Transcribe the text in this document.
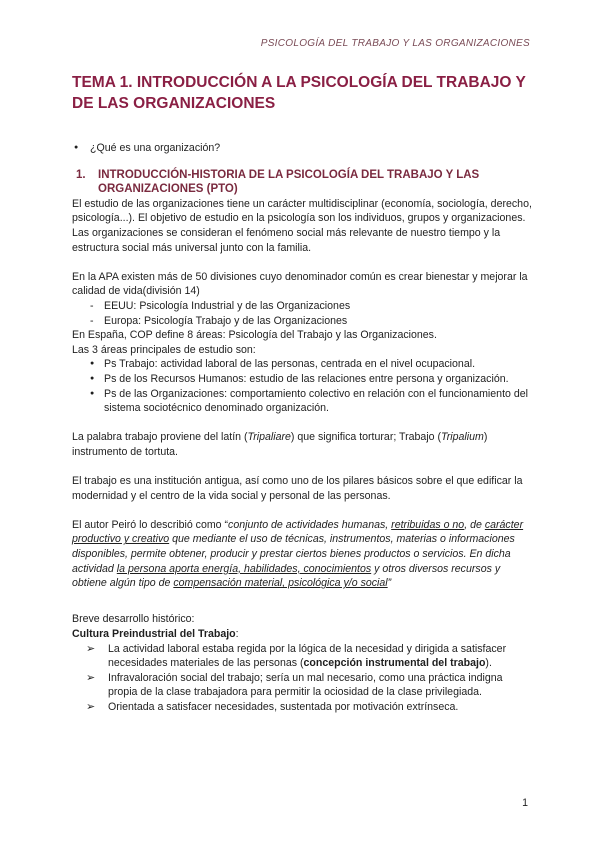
PSICOLOGÍA DEL TRABAJO Y LAS ORGANIZACIONES
TEMA 1. INTRODUCCIÓN A LA PSICOLOGÍA DEL TRABAJO Y DE LAS ORGANIZACIONES
● ¿Qué es una organización?
1. INTRODUCCIÓN-HISTORIA DE LA PSICOLOGÍA DEL TRABAJO Y LAS ORGANIZACIONES (PTO)

El estudio de las organizaciones tiene un carácter multidisciplinar (economía, sociología, derecho, psicología...). El objetivo de estudio en la psicología son los individuos, grupos y organizaciones.

Las organizaciones se consideran el fenómeno social más relevante de nuestro tiempo y la estructura social más universal junto con la familia.

En la APA existen más de 50 divisiones cuyo denominador común es crear bienestar y mejorar la calidad de vida(división 14)

- EEUU: Psicología Industrial y de las Organizaciones
- Europa: Psicología Trabajo y de las Organizaciones

En España, COP define 8 áreas: Psicología del Trabajo y las Organizaciones.

Las 3 áreas principales de estudio son:

● Ps Trabajo: actividad laboral de las personas, centrada en el nivel ocupacional.
● Ps de los Recursos Humanos: estudio de las relaciones entre persona y organización.
● Ps de las Organizaciones: comportamiento colectivo en relación con el funcionamiento del sistema sociotécnico denominado organización.

La palabra trabajo proviene del latín (Tripaliare) que significa torturar; Trabajo (Tripalium) instrumento de tortuta.

El trabajo es una institución antigua, así como uno de los pilares básicos sobre el que edificar la modernidad y el centro de la vida social y personal de las personas.

El autor Peiró lo describió como “conjunto de actividades humanas, retribuidas o no, de carácter productivo y creativo que mediante el uso de técnicas, instrumentos, materias o informaciones disponibles, permite obtener, producir y prestar ciertos bienes productos o servicios. En dicha actividad la persona aporta energía, habilidades, conocimientos y otros diversos recursos y obtiene algún tipo de compensación material, psicológica y/o social”

Breve desarrollo histórico:

Cultura Preindustrial del Trabajo:

➢ La actividad laboral estaba regida por la lógica de la necesidad y dirigida a satisfacer necesidades materiales de las personas (concepción instrumental del trabajo).
➢ Infravaloración social del trabajo; sería un mal necesario, como una práctica indigna propia de la clase trabajadora para permitir la ociosidad de la clase privilegiada.
➢ Orientada a satisfacer necesidades, sustentada por motivación extrínseca.
1
